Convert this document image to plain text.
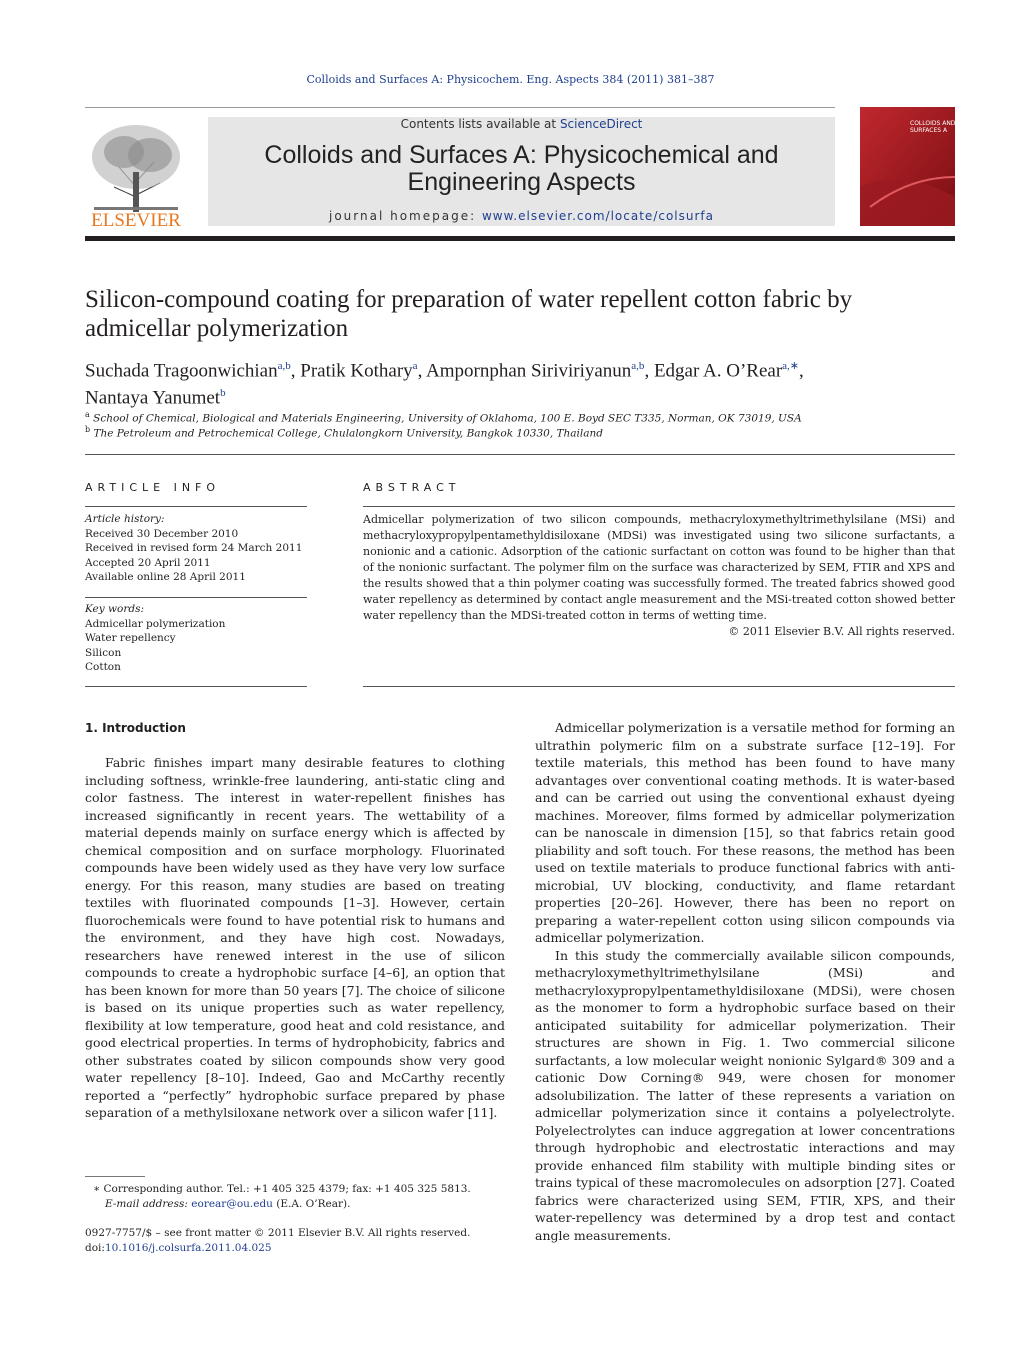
Colloids and Surfaces A: Physicochem. Eng. Aspects 384 (2011) 381–387
ELSEVIER
Contents lists available at ScienceDirect
Colloids and Surfaces A: Physicochemical and
Engineering Aspects
journal homepage: www.elsevier.com/locate/colsurfa
COLLOIDS AND
SURFACES A
Silicon-compound coating for preparation of water repellent cotton fabric by
admicellar polymerization
Suchada Tragoonwichian$^{a,b}$, Pratik Kothary$^a$, Ampornphan Siriviriyanun$^{a,b}$, Edgar A. O’Rear$^{a,∗}$,
Nantaya Yanumet$^b$
$^a$ School of Chemical, Biological and Materials Engineering, University of Oklahoma, 100 E. Boyd SEC T335, Norman, OK 73019, USA
$^b$ The Petroleum and Petrochemical College, Chulalongkorn University, Bangkok 10330, Thailand
ARTICLE INFO
Article history:
Received 30 December 2010
Received in revised form 24 March 2011
Accepted 20 April 2011
Available online 28 April 2011
Key words:
Admicellar polymerization
Water repellency
Silicon
Cotton
ABSTRACT
Admicellar polymerization of two silicon compounds, methacryloxymethyltrimethylsilane (MSi) and methacryloxypropylpentamethyldisiloxane (MDSi) was investigated using two silicone surfactants, a nonionic and a cationic. Adsorption of the cationic surfactant on cotton was found to be higher than that of the nonionic surfactant. The polymer film on the surface was characterized by SEM, FTIR and XPS and the results showed that a thin polymer coating was successfully formed. The treated fabrics showed good water repellency as determined by contact angle measurement and the MSi-treated cotton showed better water repellency than the MDSi-treated cotton in terms of wetting time.
© 2011 Elsevier B.V. All rights reserved.
1. Introduction

Fabric finishes impart many desirable features to clothing including softness, wrinkle-free laundering, anti-static cling and color fastness. The interest in water-repellent finishes has increased significantly in recent years. The wettability of a material depends mainly on surface energy which is affected by chemical composition and on surface morphology. Fluorinated compounds have been widely used as they have very low surface energy. For this reason, many studies are based on treating textiles with fluorinated compounds [1–3]. However, certain fluorochemicals were found to have potential risk to humans and the environment, and they have high cost. Nowadays, researchers have renewed interest in the use of silicon compounds to create a hydrophobic surface [4–6], an option that has been known for more than 50 years [7]. The choice of silicone is based on its unique properties such as water repellency, flexibility at low temperature, good heat and cold resistance, and good electrical properties. In terms of hydrophobicity, fabrics and other substrates coated by silicon compounds show very good water repellency [8–10]. Indeed, Gao and McCarthy recently reported a “perfectly” hydrophobic surface prepared by phase separation of a methylsiloxane network over a silicon wafer [11].

Admicellar polymerization is a versatile method for forming an ultrathin polymeric film on a substrate surface [12–19]. For textile materials, this method has been found to have many advantages over conventional coating methods. It is water-based and can be carried out using the conventional exhaust dyeing machines. Moreover, films formed by admicellar polymerization can be nanoscale in dimension [15], so that fabrics retain good pliability and soft touch. For these reasons, the method has been used on textile materials to produce functional fabrics with anti-microbial, UV blocking, conductivity, and flame retardant properties [20–26]. However, there has been no report on preparing a water-repellent cotton using silicon compounds via admicellar polymerization.

In this study the commercially available silicon compounds, methacryloxymethyltrimethylsilane (MSi) and methacryloxypropylpentamethyldisiloxane (MDSi), were chosen as the monomer to form a hydrophobic surface based on their anticipated suitability for admicellar polymerization. Their structures are shown in Fig. 1. Two commercial silicone surfactants, a low molecular weight nonionic Sylgard® 309 and a cationic Dow Corning® 949, were chosen for monomer adsolubilization. The latter of these represents a variation on admicellar polymerization since it contains a polyelectrolyte. Polyelectrolytes can induce aggregation at lower concentrations through hydrophobic and electrostatic interactions and may provide enhanced film stability with multiple binding sites or trains typical of these macromolecules on adsorption [27]. Coated fabrics were characterized using SEM, FTIR, XPS, and their water-repellency was determined by a drop test and contact angle measurements.

∗ Corresponding author. Tel.: +1 405 325 4379; fax: +1 405 325 5813.
E-mail address: eorear@ou.edu (E.A. O’Rear).
0927-7757/$ – see front matter © 2011 Elsevier B.V. All rights reserved.
doi:10.1016/j.colsurfa.2011.04.025
